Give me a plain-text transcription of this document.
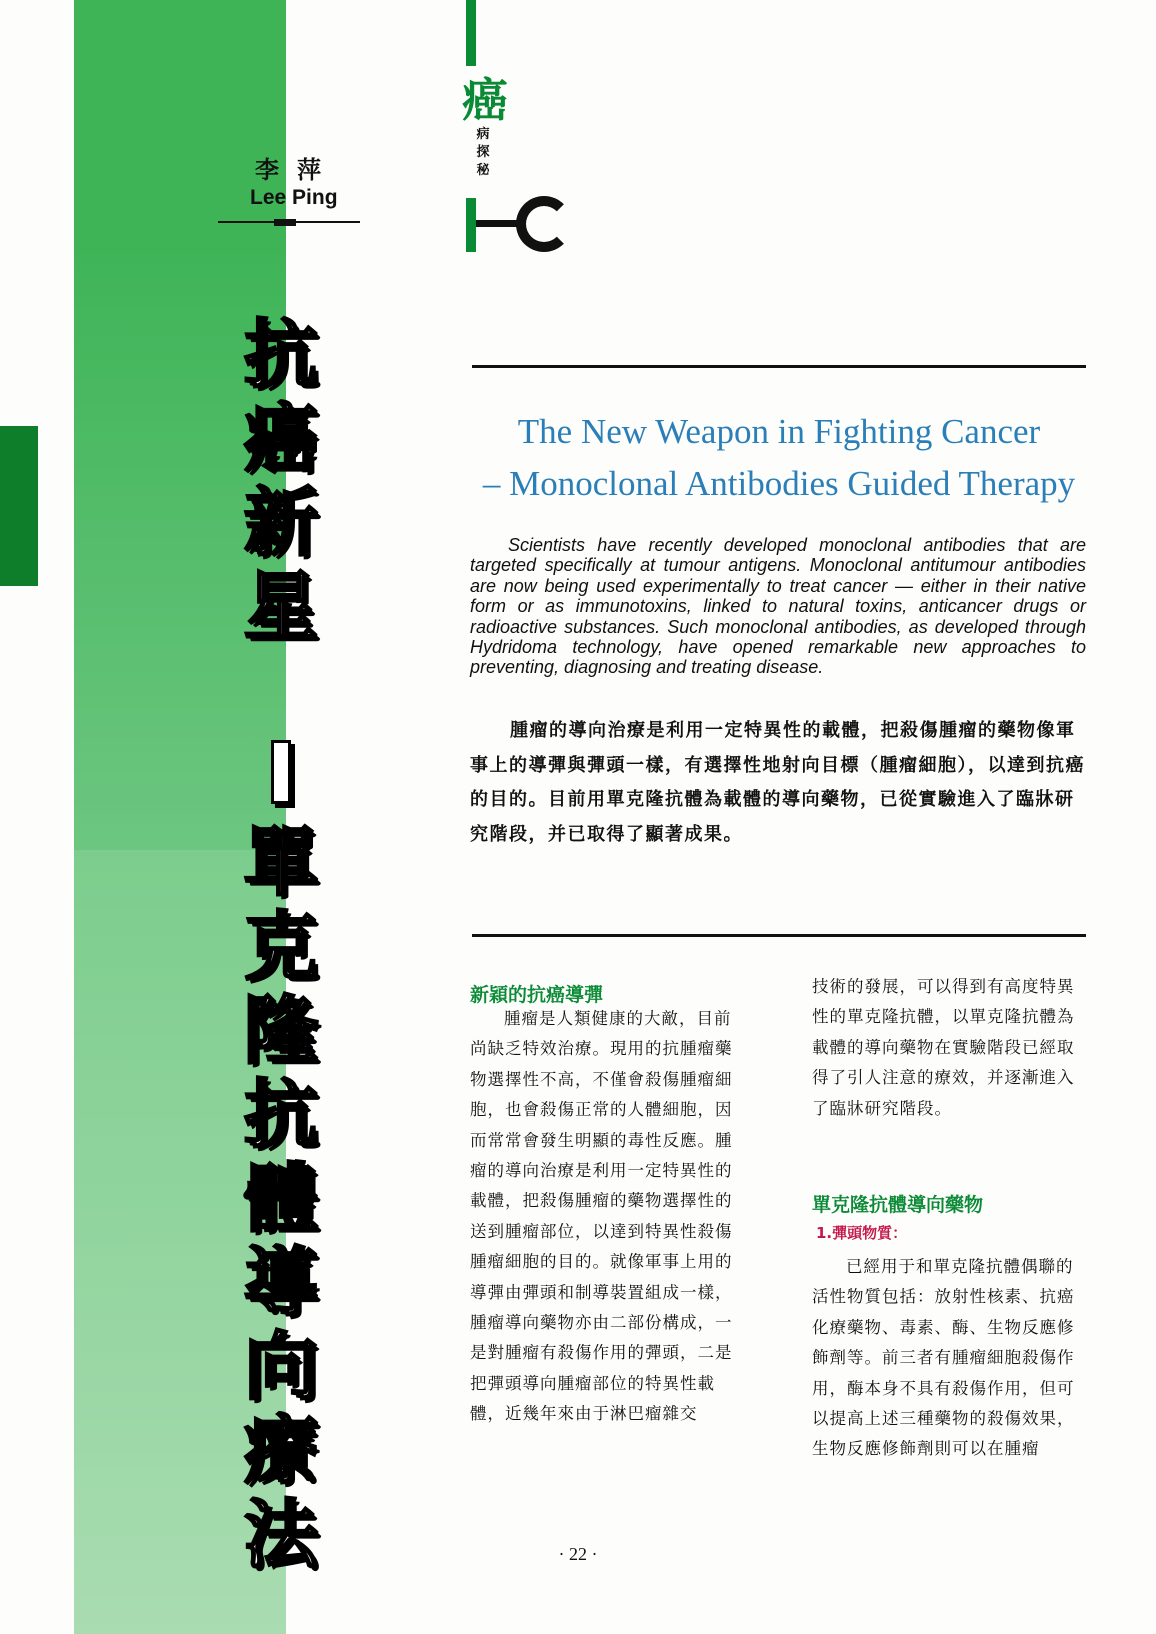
李萍
Lee Ping
抗
癌
新
星
單
克
隆
抗
體
導
向
療
法
癌
病
探
秘
The New Weapon in Fighting Cancer
– Monoclonal Antibodies Guided Therapy
Scientists have recently developed monoclonal antibodies that are targeted specifically at tumour antigens. Monoclonal antitumour antibodies are now being used experimentally to treat cancer — either in their native form or as immunotoxins, linked to natural toxins, anticancer drugs or radioactive substances. Such monoclonal antibodies, as developed through Hydridoma technology, have opened remarkable new approaches to preventing, diagnosing and treating disease.
腫瘤的導向治療是利用一定特異性的載體，把殺傷腫瘤的藥物像軍事上的導彈與彈頭一樣，有選擇性地射向目標（腫瘤細胞），以達到抗癌的目的。目前用單克隆抗體為載體的導向藥物，已從實驗進入了臨牀研究階段，并已取得了顯著成果。
新穎的抗癌導彈

腫瘤是人類健康的大敵，目前尚缺乏特效治療。現用的抗腫瘤藥物選擇性不高，不僅會殺傷腫瘤細胞，也會殺傷正常的人體細胞，因而常常會發生明顯的毒性反應。腫瘤的導向治療是利用一定特異性的載體，把殺傷腫瘤的藥物選擇性的送到腫瘤部位，以達到特異性殺傷腫瘤細胞的目的。就像軍事上用的導彈由彈頭和制導裝置組成一樣，腫瘤導向藥物亦由二部份構成，一是對腫瘤有殺傷作用的彈頭，二是把彈頭導向腫瘤部位的特異性載體，近幾年來由于淋巴瘤雜交

技術的發展，可以得到有高度特異性的單克隆抗體，以單克隆抗體為載體的導向藥物在實驗階段已經取得了引人注意的療效，并逐漸進入了臨牀研究階段。

單克隆抗體導向藥物
1.彈頭物質：

已經用于和單克隆抗體偶聯的活性物質包括：放射性核素、抗癌化療藥物、毒素、酶、生物反應修飾劑等。前三者有腫瘤細胞殺傷作用，酶本身不具有殺傷作用，但可以提高上述三種藥物的殺傷效果，生物反應修飾劑則可以在腫瘤

· 22 ·
